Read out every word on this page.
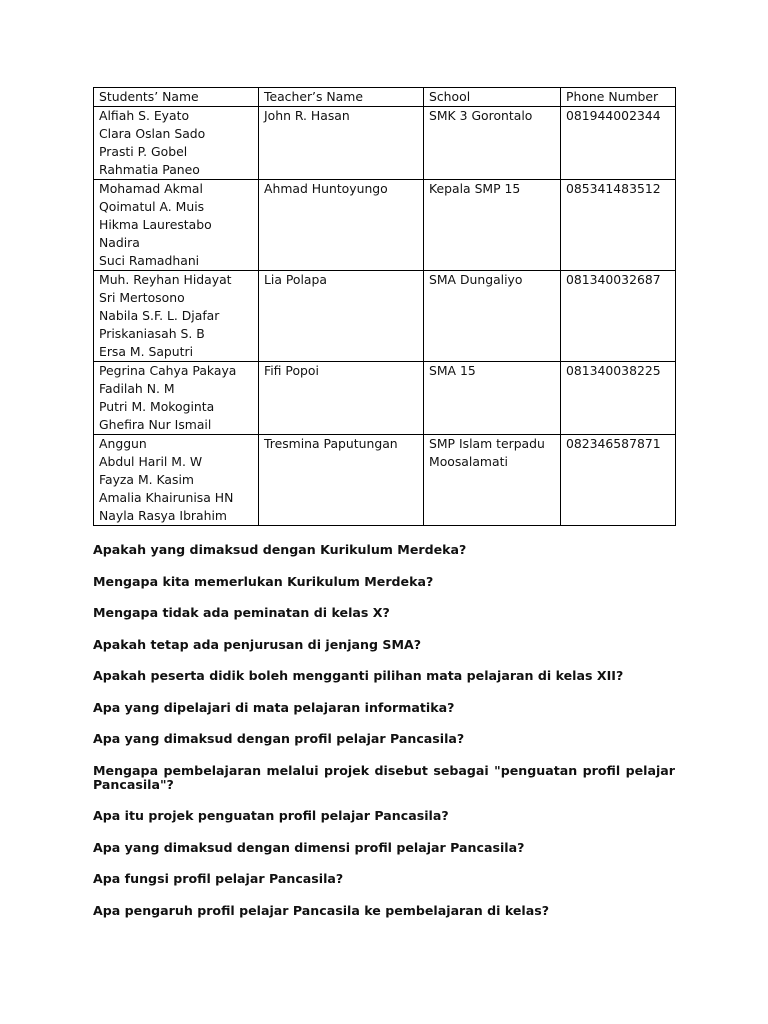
Students’ Name	Teacher’s Name	School	Phone Number

Alfiah S. Eyato
Clara Oslan Sado
Prasti P. Gobel
Rahmatia Paneo	John R. Hasan	SMK 3 Gorontalo	081944002344

Mohamad Akmal
Qoimatul A. Muis
Hikma Laurestabo
Nadira
Suci Ramadhani	Ahmad Huntoyungo	Kepala SMP 15	085341483512

Muh. Reyhan Hidayat
Sri Mertosono
Nabila S.F. L. Djafar
Priskaniasah S. B
Ersa M. Saputri	Lia Polapa	SMA Dungaliyo	081340032687

Pegrina Cahya Pakaya
Fadilah N. M
Putri M. Mokoginta
Ghefira Nur Ismail	Fifi Popoi	SMA 15	081340038225

Anggun
Abdul Haril M. W
Fayza M. Kasim
Amalia Khairunisa HN
Nayla Rasya Ibrahim	Tresmina Paputungan	SMP Islam terpadu Moosalamati	082346587871

Apakah yang dimaksud dengan Kurikulum Merdeka?

Mengapa kita memerlukan Kurikulum Merdeka?

Mengapa tidak ada peminatan di kelas X?

Apakah tetap ada penjurusan di jenjang SMA?

Apakah peserta didik boleh mengganti pilihan mata pelajaran di kelas XII?

Apa yang dipelajari di mata pelajaran informatika?

Apa yang dimaksud dengan profil pelajar Pancasila?

Mengapa pembelajaran melalui projek disebut sebagai "penguatan profil pelajar Pancasila"?

Apa itu projek penguatan profil pelajar Pancasila?

Apa yang dimaksud dengan dimensi profil pelajar Pancasila?

Apa fungsi profil pelajar Pancasila?

Apa pengaruh profil pelajar Pancasila ke pembelajaran di kelas?
